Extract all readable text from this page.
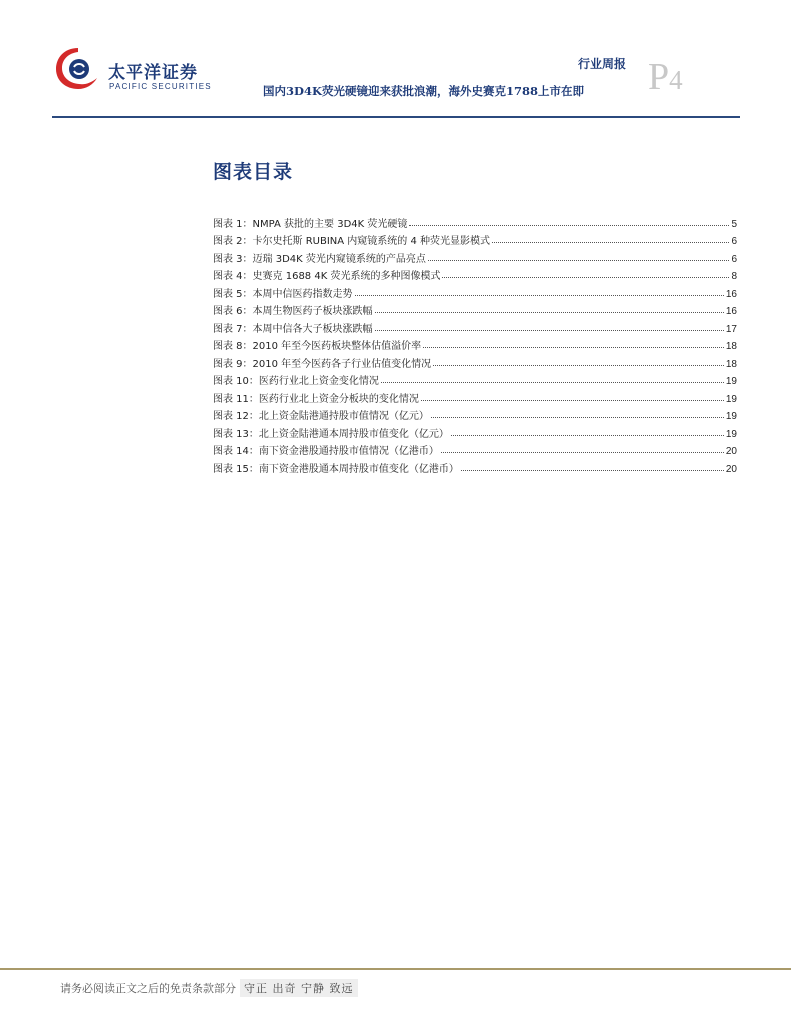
太平洋证券
PACIFIC SECURITIES
行业周报
国内3D4K荧光硬镜迎来获批浪潮，海外史赛克1788上市在即 P4
图表目录
图表 1：NMPA 获批的主要 3D4K 荧光硬镜	5
图表 2：卡尔史托斯 RUBINA 内窥镜系统的 4 种荧光显影模式	6
图表 3：迈瑞 3D4K 荧光内窥镜系统的产品亮点	6
图表 4：史赛克 1688 4K 荧光系统的多种图像模式	8
图表 5：本周中信医药指数走势	16
图表 6：本周生物医药子板块涨跌幅	16
图表 7：本周中信各大子板块涨跌幅	17
图表 8：2010 年至今医药板块整体估值溢价率	18
图表 9：2010 年至今医药各子行业估值变化情况	18
图表 10：医药行业北上资金变化情况	19
图表 11：医药行业北上资金分板块的变化情况	19
图表 12：北上资金陆港通持股市值情况（亿元）	19
图表 13：北上资金陆港通本周持股市值变化（亿元）	19
图表 14：南下资金港股通持股市值情况（亿港币）	20
图表 15：南下资金港股通本周持股市值变化（亿港币）	20
请务必阅读正文之后的免责条款部分 守正 出奇 宁静 致远
